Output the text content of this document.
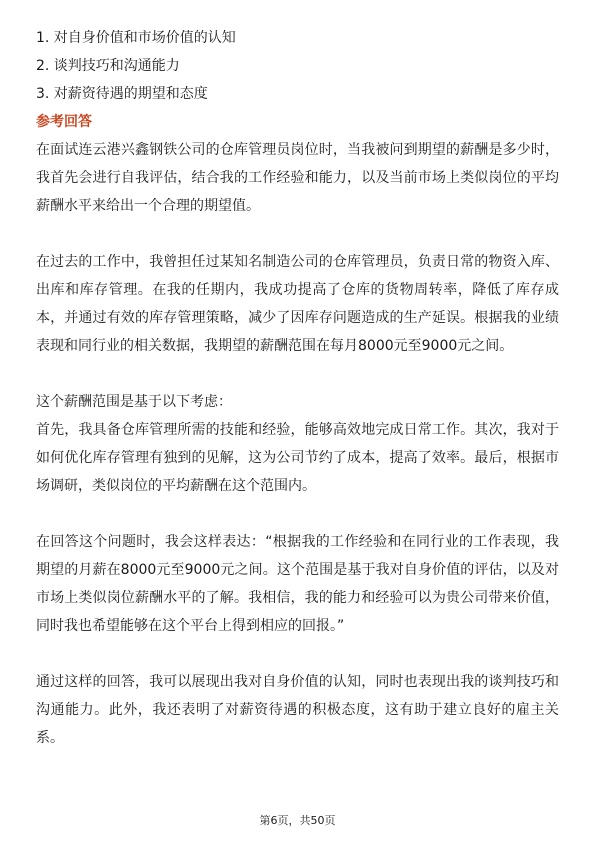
1. 对自身价值和市场价值的认知

2. 谈判技巧和沟通能力

3. 对薪资待遇的期望和态度

参考回答

在面试连云港兴鑫钢铁公司的仓库管理员岗位时，当我被问到期望的薪酬是多少时，我首先会进行自我评估，结合我的工作经验和能力，以及当前市场上类似岗位的平均薪酬水平来给出一个合理的期望值。

在过去的工作中，我曾担任过某知名制造公司的仓库管理员，负责日常的物资入库、出库和库存管理。在我的任期内，我成功提高了仓库的货物周转率，降低了库存成本，并通过有效的库存管理策略，减少了因库存问题造成的生产延误。根据我的业绩表现和同行业的相关数据，我期望的薪酬范围在每月8000元至9000元之间。

这个薪酬范围是基于以下考虑：

首先，我具备仓库管理所需的技能和经验，能够高效地完成日常工作。其次，我对于如何优化库存管理有独到的见解，这为公司节约了成本，提高了效率。最后，根据市场调研，类似岗位的平均薪酬在这个范围内。

在回答这个问题时，我会这样表达：“根据我的工作经验和在同行业的工作表现，我期望的月薪在8000元至9000元之间。这个范围是基于我对自身价值的评估，以及对市场上类似岗位薪酬水平的了解。我相信，我的能力和经验可以为贵公司带来价值，同时我也希望能够在这个平台上得到相应的回报。”

通过这样的回答，我可以展现出我对自身价值的认知，同时也表现出我的谈判技巧和沟通能力。此外，我还表明了对薪资待遇的积极态度，这有助于建立良好的雇主关系。

第6页，共50页
